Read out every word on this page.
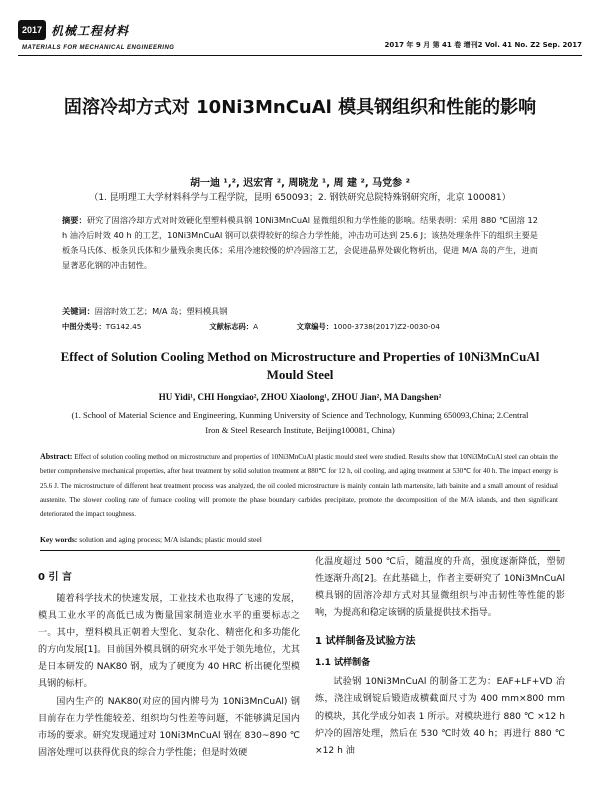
2017 机械工程材料
MATERIALS FOR MECHANICAL ENGINEERING	2017 年 9 月 第 41 卷 增刊2 Vol. 41 No. Z2 Sep. 2017
固溶冷却方式对 10Ni3MnCuAl 模具钢组织和性能的影响
胡一迪 ¹,², 迟宏宵 ², 周晓龙 ¹, 周 建 ², 马党参 ²
（1. 昆明理工大学材料科学与工程学院，昆明 650093；2. 钢铁研究总院特殊钢研究所，北京 100081）
摘要：研究了固溶冷却方式对时效硬化型塑料模具钢 10Ni3MnCuAl 显微组织和力学性能的影响。结果表明：采用 880 ℃固溶 12 h 油冷后时效 40 h 的工艺，10Ni3MnCuAl 钢可以获得较好的综合力学性能，冲击功可达到 25.6 J；该热处理条件下的组织主要是板条马氏体、板条贝氏体和少量残余奥氏体；采用冷速较慢的炉冷固溶工艺，会促进晶界处碳化物析出，促进 M/A 岛的产生，进而显著恶化钢的冲击韧性。
关键词：固溶时效工艺；M/A 岛；塑料模具钢
中图分类号：TG142.45	文献标志码：A	文章编号：1000-3738(2017)Z2-0030-04
Effect of Solution Cooling Method on Microstructure and Properties of 10Ni3MnCuAl Mould Steel
HU Yidi¹, CHI Hongxiao², ZHOU Xiaolong¹, ZHOU Jian², MA Dangshen²
(1. School of Material Science and Engineering, Kunming University of Science and Technology, Kunming 650093,China; 2.Central Iron & Steel Research Institute, Beijing100081, China)
Abstract: Effect of solution cooling method on microstructure and properties of 10Ni3MnCuAl plastic mould steel were studied. Results show that 10Ni3MnCuAl steel can obtain the better comprehensive mechanical properties, after heat treatment by solid solution treatment at 880℃ for 12 h, oil cooling, and aging treatment at 530℃ for 40 h. The impact energy is 25.6 J. The microstructure of different heat treatment process was analyzed, the oil cooled microstructure is mainly contain lath martensite, lath bainite and a small amount of residual austenite. The slower cooling rate of furnace cooling will promote the phase boundary carbides precipitate, promote the decomposition of the M/A islands, and then significant deteriorated the impact toughness.
Key words: solution and aging process; M/A islands; plastic mould steel
0 引 言

随着科学技术的快速发展，工业技术也取得了飞速的发展，模具工业水平的高低已成为衡量国家制造业水平的重要标志之一。其中，塑料模具正朝着大型化、复杂化、精密化和多功能化的方向发展[1]。目前国外模具钢的研究水平处于领先地位，尤其是日本研发的 NAK80 钢，成为了硬度为 40 HRC 析出硬化型模具钢的标杆。

国内生产的 NAK80(对应的国内牌号为 10Ni3MnCuAl) 钢目前存在力学性能较差、组织均匀性差等问题，不能够满足国内市场的要求。研究发现通过对 10Ni3MnCuAl 钢在 830~890 ℃固溶处理可以获得优良的综合力学性能；但是时效硬

化温度超过 500 ℃后，随温度的升高，强度逐渐降低，塑韧性逐渐升高[2]。在此基础上，作者主要研究了 10Ni3MnCuAl 模具钢的固溶冷却方式对其显微组织与冲击韧性等性能的影响，为提高和稳定该钢的质量提供技术指导。

1 试样制备及试验方法
1.1 试样制备

试验钢 10Ni3MnCuAl 的制备工艺为：EAF+LF+VD 冶炼，浇注成钢锭后锻造成横截面尺寸为 400 mm×800 mm 的模块，其化学成分如表 1 所示。对模块进行 880 ℃ ×12 h 炉冷的固溶处理，然后在 530 ℃时效 40 h；再进行 880 ℃ ×12 h 油
